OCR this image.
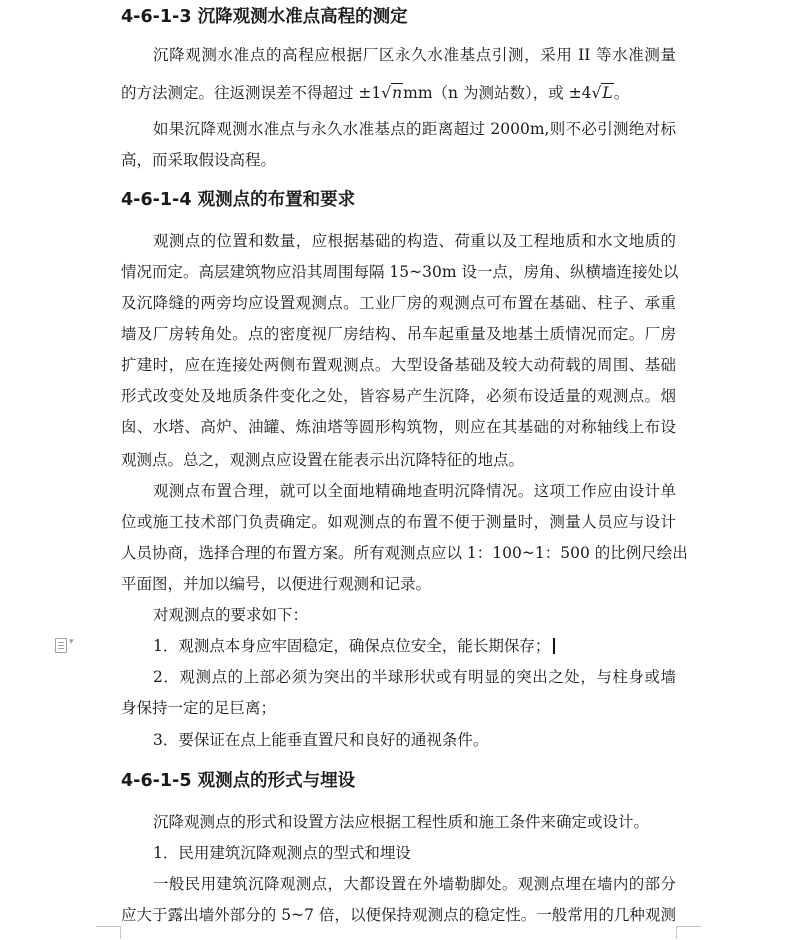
4-6-1-3 沉降观测水准点高程的测定

沉降观测水准点的高程应根据厂区永久水准基点引测，采用 II 等水准测量

的方法测定。往返测误差不得超过 ±1√nmm（n 为测站数），或 ±4√L。

如果沉降观测水准点与永久水准基点的距离超过 2000m,则不必引测绝对标

高，而采取假设高程。

4-6-1-4 观测点的布置和要求

观测点的位置和数量，应根据基础的构造、荷重以及工程地质和水文地质的

情况而定。高层建筑物应沿其周围每隔 15~30m 设一点，房角、纵横墙连接处以

及沉降缝的两旁均应设置观测点。工业厂房的观测点可布置在基础、柱子、承重

墙及厂房转角处。点的密度视厂房结构、吊车起重量及地基土质情况而定。厂房

扩建时，应在连接处两侧布置观测点。大型设备基础及较大动荷载的周围、基础

形式改变处及地质条件变化之处，皆容易产生沉降，必须布设适量的观测点。烟

囱、水塔、高炉、油罐、炼油塔等圆形构筑物，则应在其基础的对称轴线上布设

观测点。总之，观测点应设置在能表示出沉降特征的地点。

观测点布置合理，就可以全面地精确地查明沉降情况。这项工作应由设计单

位或施工技术部门负责确定。如观测点的布置不便于测量时，测量人员应与设计

人员协商，选择合理的布置方案。所有观测点应以 1：100~1：500 的比例尺绘出

平面图，并加以编号，以便进行观测和记录。

对观测点的要求如下：

▾	1．观测点本身应牢固稳定，确保点位安全，能长期保存；

2．观测点的上部必须为突出的半球形状或有明显的突出之处，与柱身或墙

身保持一定的足巨离；

3．要保证在点上能垂直置尺和良好的通视条件。

4-6-1-5 观测点的形式与埋设

沉降观测点的形式和设置方法应根据工程性质和施工条件来确定或设计。

1．民用建筑沉降观测点的型式和埋设

一般民用建筑沉降观测点，大都设置在外墙勒脚处。观测点埋在墙内的部分

应大于露出墙外部分的 5~7 倍，以便保持观测点的稳定性。一般常用的几种观测
